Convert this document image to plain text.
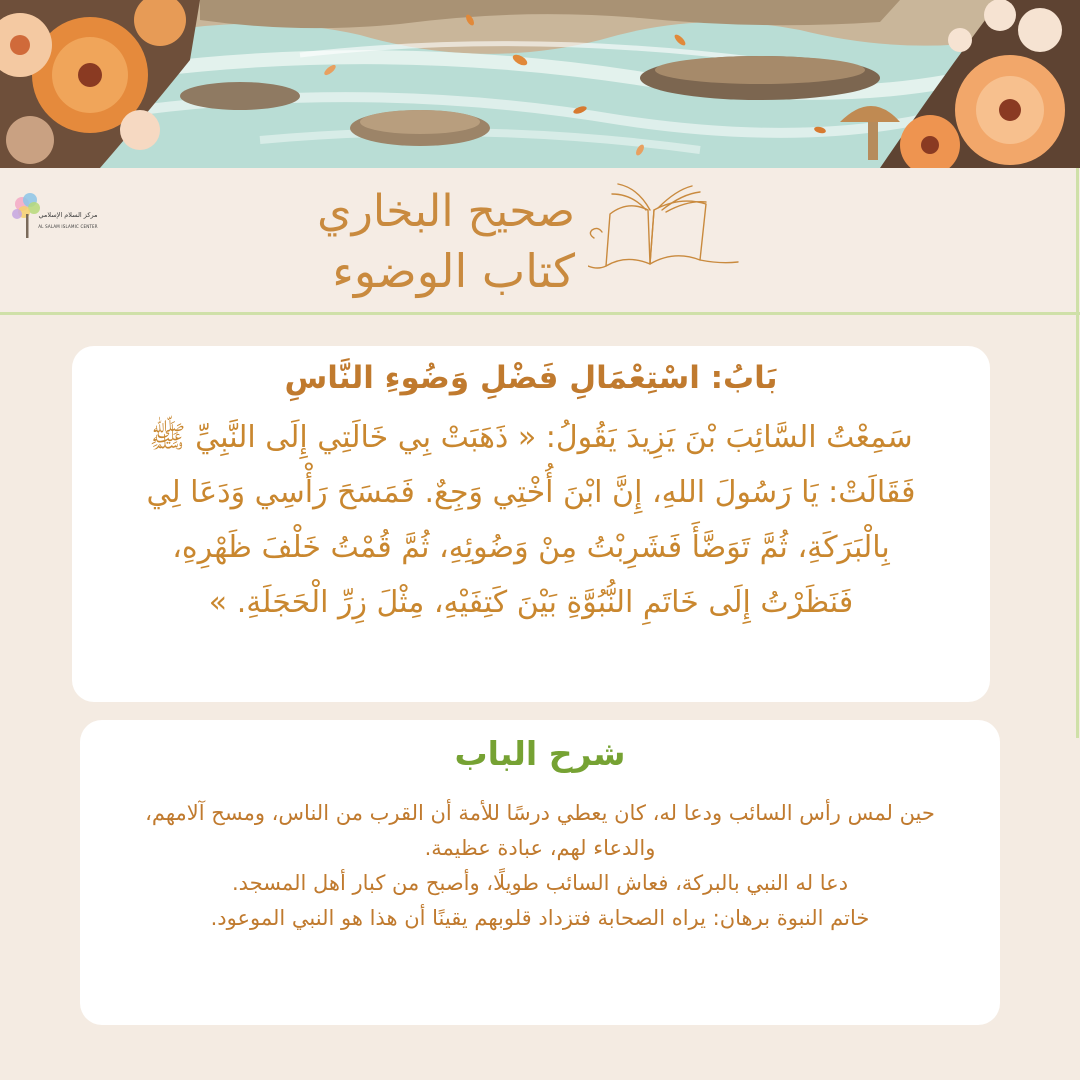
مركز السلام الإسلامي
AL SALAM ISLAMIC CENTER	صحيح البخاري
كتاب الوضوء
بَابُ: اسْتِعْمَالِ فَضْلِ وَضُوءِ النَّاسِ
سَمِعْتُ السَّائِبَ بْنَ يَزِيدَ يَقُولُ: « ذَهَبَتْ بِي خَالَتِي إِلَى النَّبِيِّ ﷺ فَقَالَتْ: يَا رَسُولَ اللهِ، إِنَّ ابْنَ أُخْتِي وَجِعٌ. فَمَسَحَ رَأْسِي وَدَعَا لِي بِالْبَرَكَةِ، ثُمَّ تَوَضَّأَ فَشَرِبْتُ مِنْ وَضُوئِهِ، ثُمَّ قُمْتُ خَلْفَ ظَهْرِهِ، فَنَظَرْتُ إِلَى خَاتَمِ النُّبُوَّةِ بَيْنَ كَتِفَيْهِ، مِثْلَ زِرِّ الْحَجَلَةِ. »
شرح الباب

حين لمس رأس السائب ودعا له، كان يعطي درسًا للأمة أن القرب من الناس، ومسح آلامهم، والدعاء لهم، عبادة عظيمة.

دعا له النبي بالبركة، فعاش السائب طويلًا، وأصبح من كبار أهل المسجد.

خاتم النبوة برهان: يراه الصحابة فتزداد قلوبهم يقينًا أن هذا هو النبي الموعود.
